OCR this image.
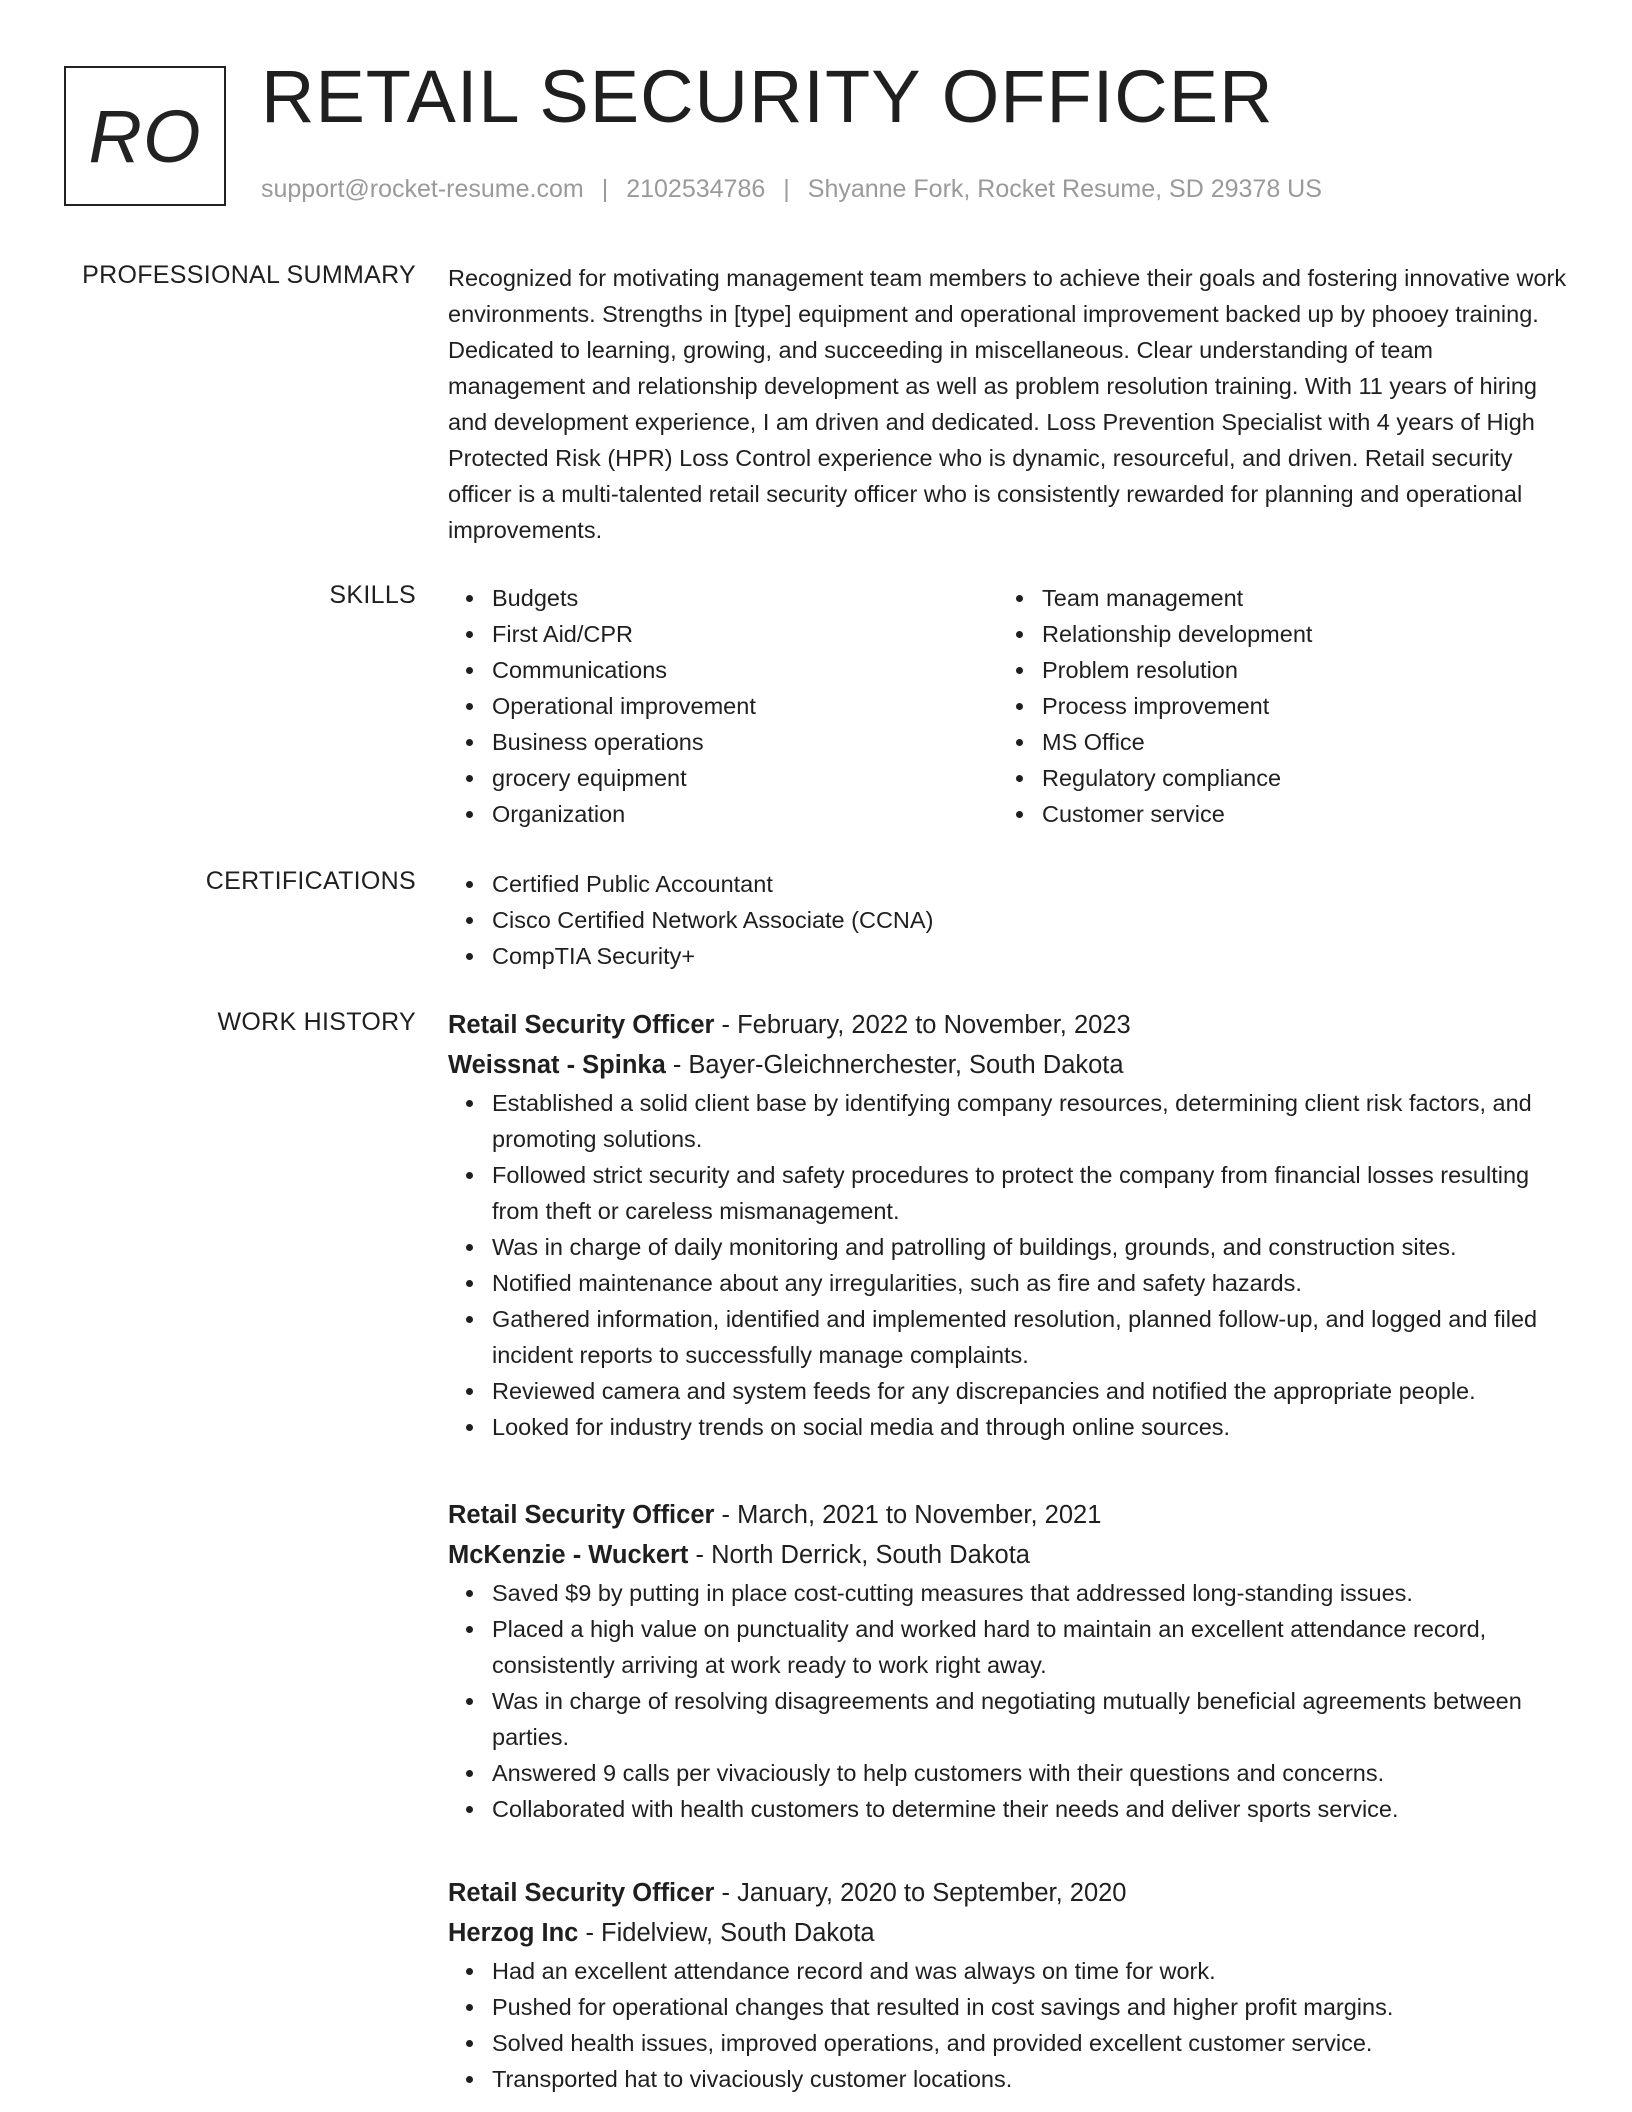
RO RETAIL SECURITY OFFICER
support@rocket-resume.com | 2102534786 | Shyanne Fork, Rocket Resume, SD 29378 US
PROFESSIONAL SUMMARY Recognized for motivating management team members to achieve their goals and fostering innovative work environments. Strengths in [type] equipment and operational improvement backed up by phooey training. Dedicated to learning, growing, and succeeding in miscellaneous. Clear understanding of team management and relationship development as well as problem resolution training. With 11 years of hiring and development experience, I am driven and dedicated. Loss Prevention Specialist with 4 years of High Protected Risk (HPR) Loss Control experience who is dynamic, resourceful, and driven. Retail security officer is a multi-talented retail security officer who is consistently rewarded for planning and operational improvements.

SKILLS	Budgets
First Aid/CPR
Communications
Operational improvement
Business operations
grocery equipment
Organization
Team management
Relationship development
Problem resolution
Process improvement
MS Office
Regulatory compliance
Customer service
CERTIFICATIONS	Certified Public Accountant
Cisco Certified Network Associate (CCNA)
CompTIA Security+
WORK HISTORY Retail Security Officer - February, 2022 to November, 2023
Weissnat - Spinka - Bayer-Gleichnerchester, South Dakota
Established a solid client base by identifying company resources, determining client risk factors, and promoting solutions.
Followed strict security and safety procedures to protect the company from financial losses resulting from theft or careless mismanagement.
Was in charge of daily monitoring and patrolling of buildings, grounds, and construction sites.
Notified maintenance about any irregularities, such as fire and safety hazards.
Gathered information, identified and implemented resolution, planned follow-up, and logged and filed incident reports to successfully manage complaints.
Reviewed camera and system feeds for any discrepancies and notified the appropriate people.
Looked for industry trends on social media and through online sources.
Retail Security Officer - March, 2021 to November, 2021
McKenzie - Wuckert - North Derrick, South Dakota
Saved $9 by putting in place cost-cutting measures that addressed long-standing issues.
Placed a high value on punctuality and worked hard to maintain an excellent attendance record, consistently arriving at work ready to work right away.
Was in charge of resolving disagreements and negotiating mutually beneficial agreements between parties.
Answered 9 calls per vivaciously to help customers with their questions and concerns.
Collaborated with health customers to determine their needs and deliver sports service.
Retail Security Officer - January, 2020 to September, 2020
Herzog Inc - Fidelview, South Dakota
Had an excellent attendance record and was always on time for work.
Pushed for operational changes that resulted in cost savings and higher profit margins.
Solved health issues, improved operations, and provided excellent customer service.
Transported hat to vivaciously customer locations.
